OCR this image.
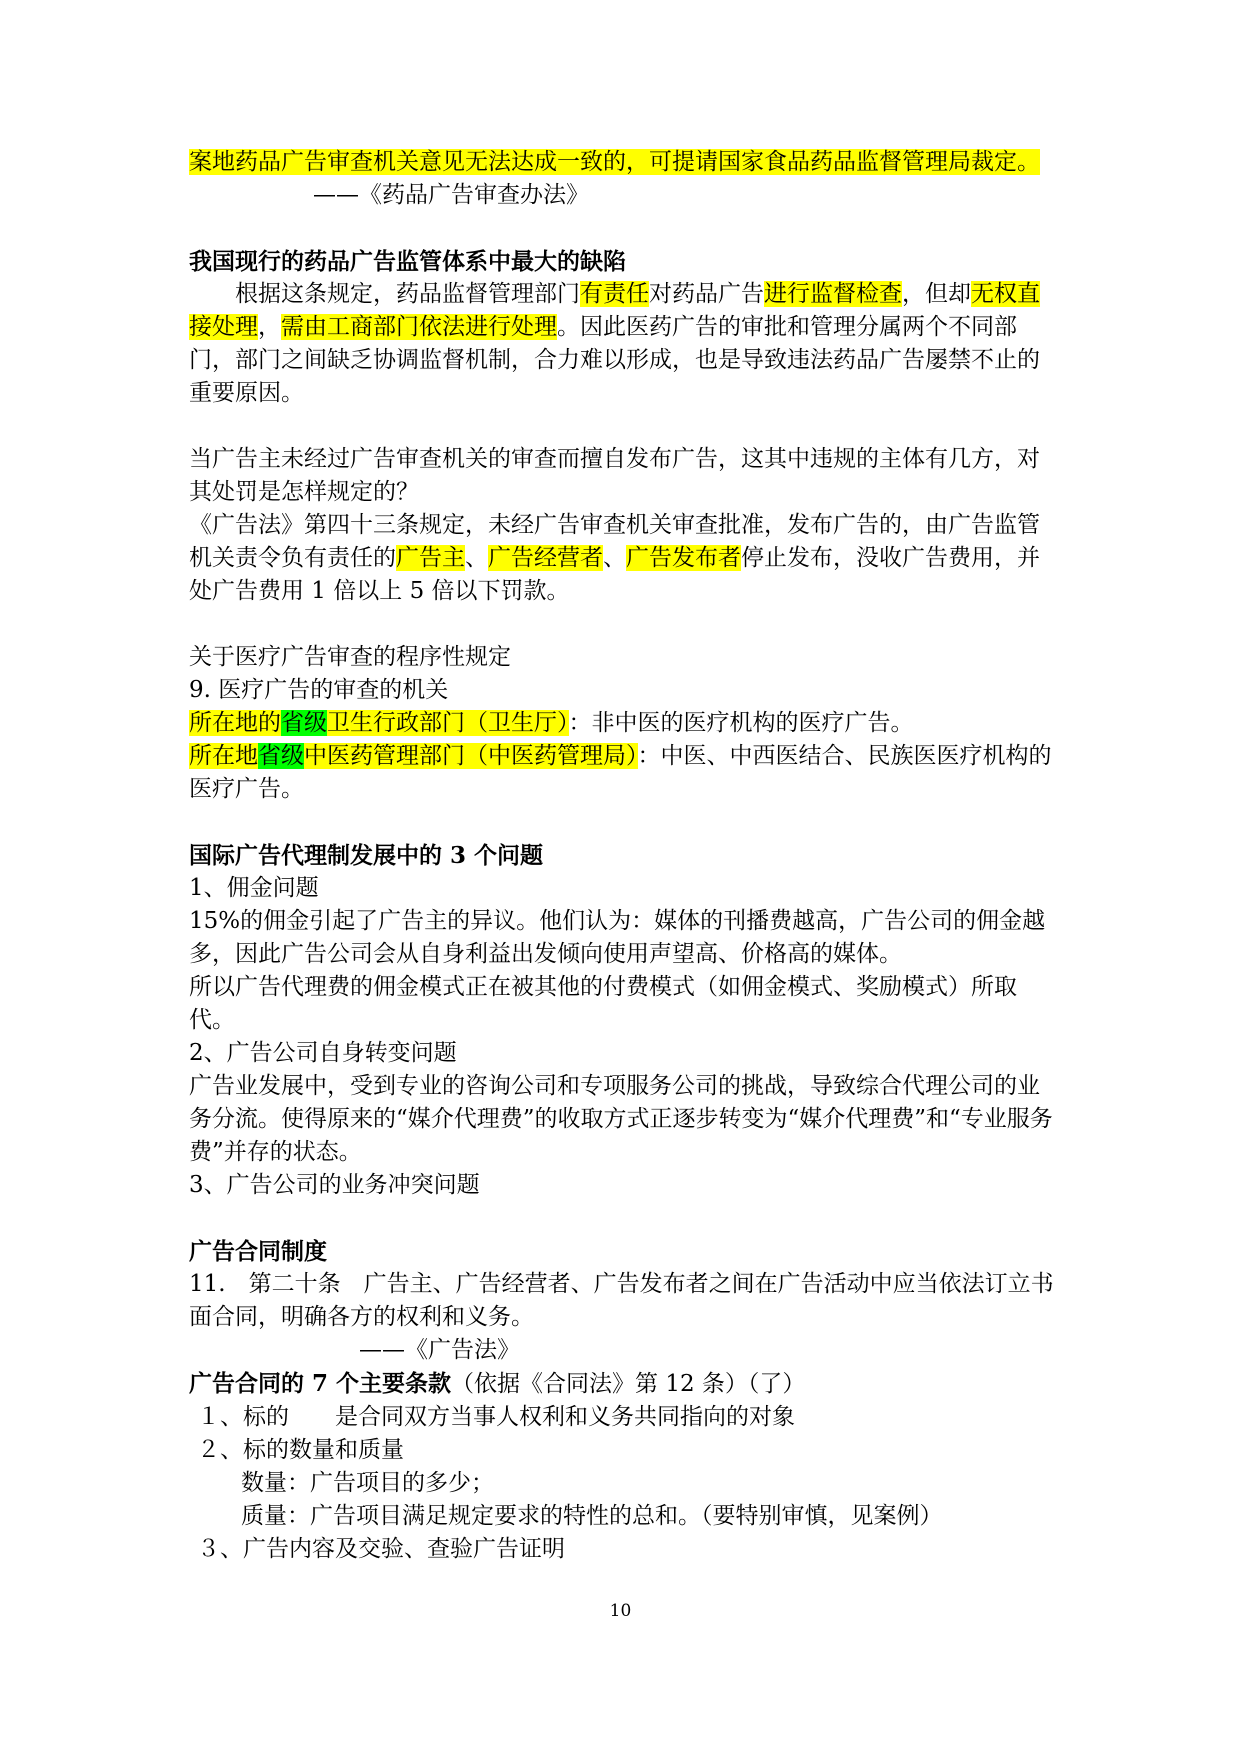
案地药品广告审查机关意见无法达成一致的，可提请国家食品药品监督管理局裁定。

——《药品广告审查办法》

我国现行的药品广告监管体系中最大的缺陷

根据这条规定，药品监督管理部门有责任对药品广告进行监督检查，但却无权直接处理，需由工商部门依法进行处理。因此医药广告的审批和管理分属两个不同部门，部门之间缺乏协调监督机制，合力难以形成，也是导致违法药品广告屡禁不止的重要原因。

当广告主未经过广告审查机关的审查而擅自发布广告，这其中违规的主体有几方，对其处罚是怎样规定的？

《广告法》第四十三条规定，未经广告审查机关审查批准，发布广告的，由广告监管机关责令负有责任的广告主、广告经营者、广告发布者停止发布，没收广告费用，并处广告费用 1 倍以上 5 倍以下罚款。

关于医疗广告审查的程序性规定

9. 医疗广告的审查的机关

所在地的省级卫生行政部门（卫生厅）：非中医的医疗机构的医疗广告。

所在地省级中医药管理部门（中医药管理局）：中医、中西医结合、民族医医疗机构的医疗广告。

国际广告代理制发展中的 3 个问题

1、佣金问题

15%的佣金引起了广告主的异议。他们认为：媒体的刊播费越高，广告公司的佣金越多，因此广告公司会从自身利益出发倾向使用声望高、价格高的媒体。

所以广告代理费的佣金模式正在被其他的付费模式（如佣金模式、奖励模式）所取代。

2、广告公司自身转变问题

广告业发展中，受到专业的咨询公司和专项服务公司的挑战，导致综合代理公司的业务分流。使得原来的“媒介代理费”的收取方式正逐步转变为“媒介代理费”和“专业服务费”并存的状态。

3、广告公司的业务冲突问题

广告合同制度

11.　第二十条　广告主、广告经营者、广告发布者之间在广告活动中应当依法订立书面合同，明确各方的权利和义务。

——《广告法》

广告合同的 7 个主要条款（依据《合同法》第 12 条）（了）

１、标的　　是合同双方当事人权利和义务共同指向的对象

２、标的数量和质量

数量：广告项目的多少；

质量：广告项目满足规定要求的特性的总和。（要特别审慎，见案例）

３、广告内容及交验、查验广告证明

10
